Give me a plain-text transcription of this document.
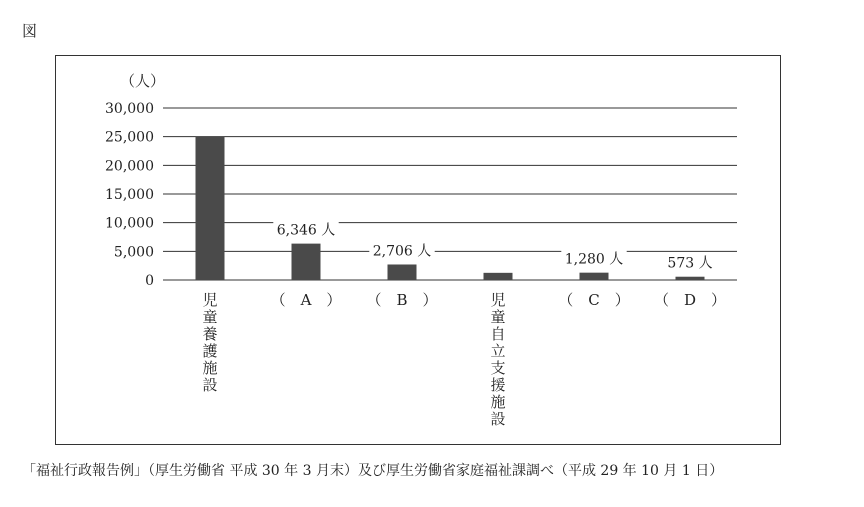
図
（人）
30,000
25,000
20,000
15,000
10,000
5,000
0
児
童
養
護
施
設
6,346 人
（　A　）
2,706 人
（　B　）	児
童
自
立
支
援
施
設
1,280 人
（　C　）
573 人
（　D　）
「福祉行政報告例」（厚生労働省 平成 30 年 3 月末）及び厚生労働省家庭福祉課調べ（平成 29 年 10 月 1 日）
